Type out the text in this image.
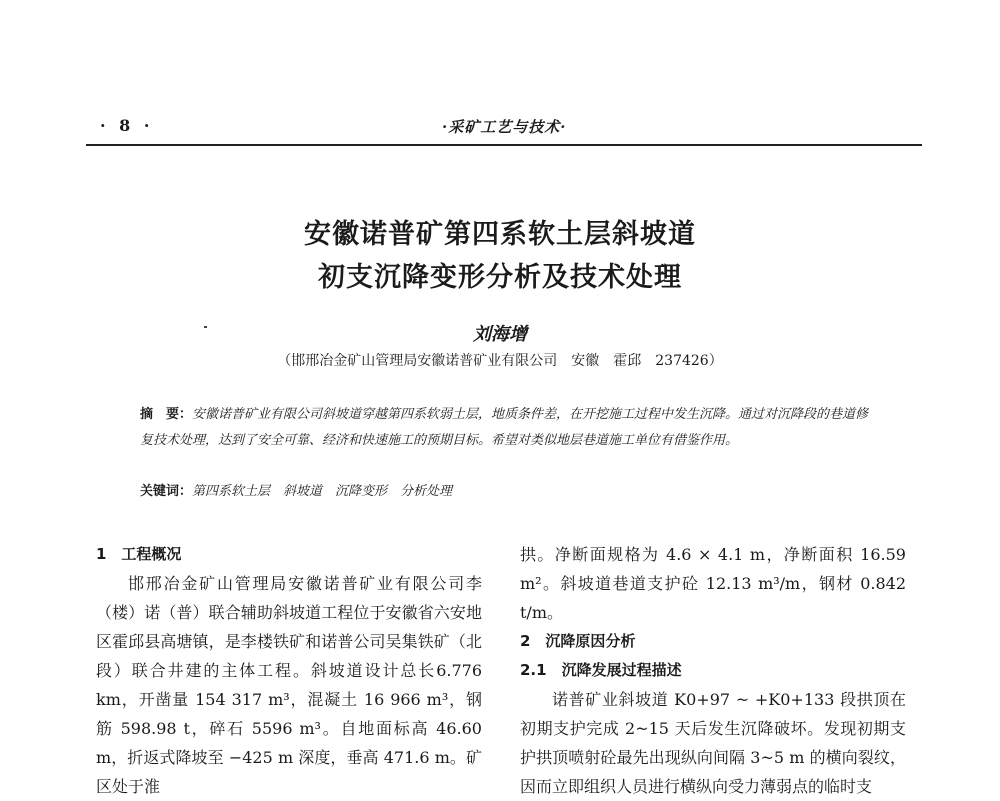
· 8 ·	·采矿工艺与技术·
安徽诺普矿第四系软土层斜坡道
初支沉降变形分析及技术处理
刘海增
（邯邢冶金矿山管理局安徽诺普矿业有限公司　安徽　霍邱　237426）
摘　要：安徽诺普矿业有限公司斜坡道穿越第四系软弱土层，地质条件差，在开挖施工过程中发生沉降。通过对沉降段的巷道修复技术处理，达到了安全可靠、经济和快速施工的预期目标。希望对类似地层巷道施工单位有借鉴作用。
关键词：第四系软土层　斜坡道　沉降变形　分析处理
1　工程概况
邯邢冶金矿山管理局安徽诺普矿业有限公司李（楼）诺（普）联合辅助斜坡道工程位于安徽省六安地区霍邱县高塘镇，是李楼铁矿和诺普公司吴集铁矿（北段）联合井建的主体工程。斜坡道设计总长6.776 km，开凿量 154 317 m³，混凝土 16 966 m³，钢筋 598.98 t，碎石 5596 m³。自地面标高 46.60 m，折返式降坡至 −425 m 深度，垂高 471.6 m。矿区处于淮
拱。净断面规格为 4.6 × 4.1 m，净断面积 16.59 m²。斜坡道巷道支护砼 12.13 m³/m，钢材 0.842 t/m。
2　沉降原因分析
2.1　沉降发展过程描述
诺普矿业斜坡道 K0+97 ~ +K0+133 段拱顶在初期支护完成 2~15 天后发生沉降破坏。发现初期支护拱顶喷射砼最先出现纵向间隔 3~5 m 的横向裂纹，因而立即组织人员进行横纵向受力薄弱点的临时支
